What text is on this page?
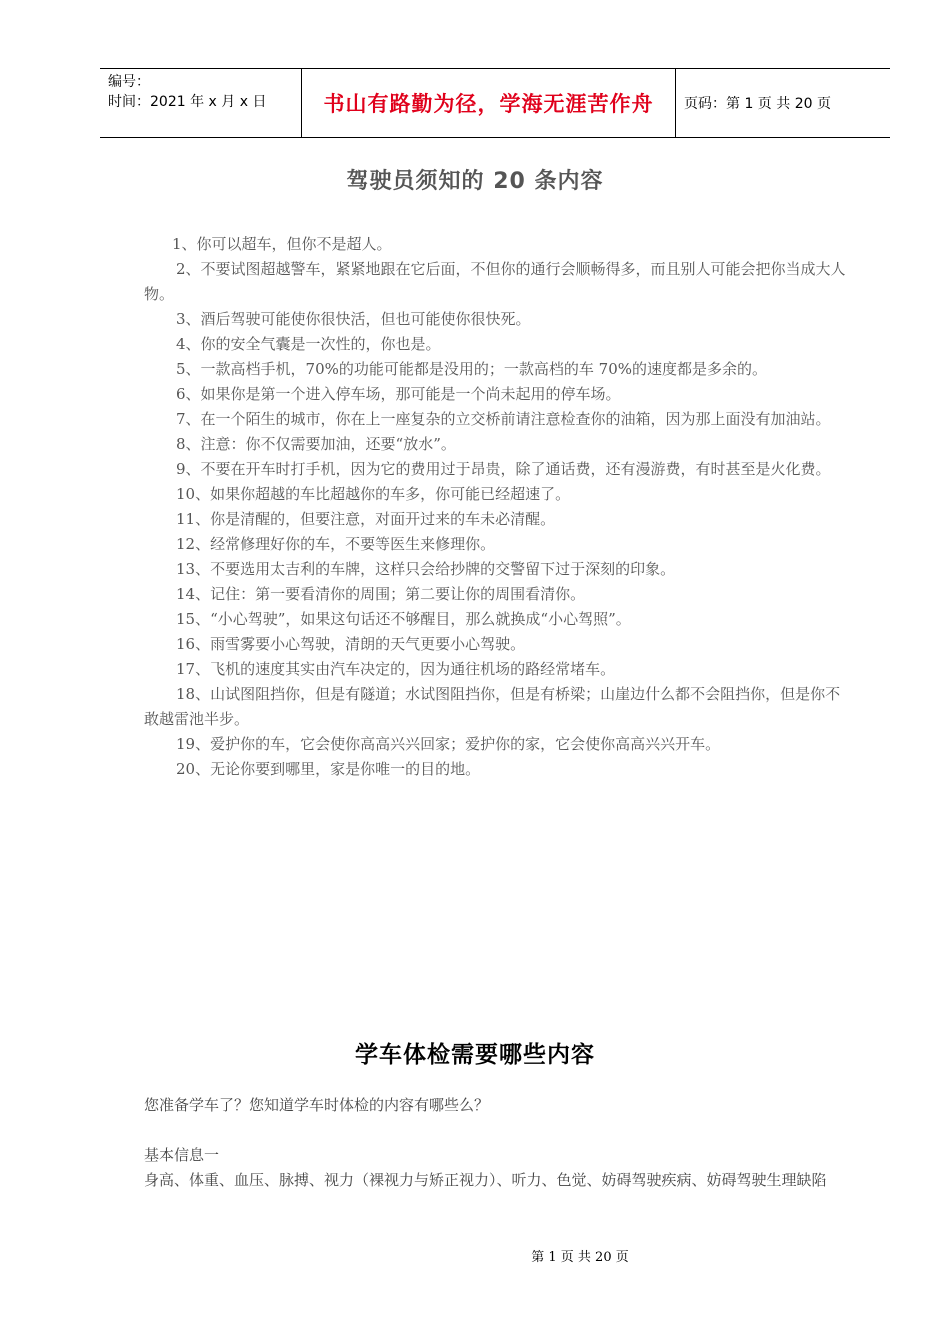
编号：
时间：2021 年 x 月 x 日	书山有路勤为径，学海无涯苦作舟	页码：第 1 页 共 20 页
驾驶员须知的 20 条内容

1、你可以超车，但你不是超人。

2、不要试图超越警车，紧紧地跟在它后面，不但你的通行会顺畅得多，而且别人可能会把你当成大人物。

3、酒后驾驶可能使你很快活，但也可能使你很快死。

4、你的安全气囊是一次性的，你也是。

5、一款高档手机，70%的功能可能都是没用的；一款高档的车 70%的速度都是多余的。

6、如果你是第一个进入停车场，那可能是一个尚未起用的停车场。

7、在一个陌生的城市，你在上一座复杂的立交桥前请注意检查你的油箱，因为那上面没有加油站。

8、注意：你不仅需要加油，还要“放水”。

9、不要在开车时打手机，因为它的费用过于昂贵，除了通话费，还有漫游费，有时甚至是火化费。

10、如果你超越的车比超越你的车多，你可能已经超速了。

11、你是清醒的，但要注意，对面开过来的车未必清醒。

12、经常修理好你的车，不要等医生来修理你。

13、不要选用太吉利的车牌，这样只会给抄牌的交警留下过于深刻的印象。

14、记住：第一要看清你的周围；第二要让你的周围看清你。

15、“小心驾驶”，如果这句话还不够醒目，那么就换成“小心驾照”。

16、雨雪雾要小心驾驶，清朗的天气更要小心驾驶。

17、飞机的速度其实由汽车决定的，因为通往机场的路经常堵车。

18、山试图阻挡你，但是有隧道；水试图阻挡你，但是有桥梁；山崖边什么都不会阻挡你，但是你不敢越雷池半步。

19、爱护你的车，它会使你高高兴兴回家；爱护你的家，它会使你高高兴兴开车。

20、无论你要到哪里，家是你唯一的目的地。

学车体检需要哪些内容

您准备学车了？您知道学车时体检的内容有哪些么？

基本信息一

身高、体重、血压、脉搏、视力（裸视力与矫正视力）、听力、色觉、妨碍驾驶疾病、妨碍驾驶生理缺陷

第 1 页 共 20 页
